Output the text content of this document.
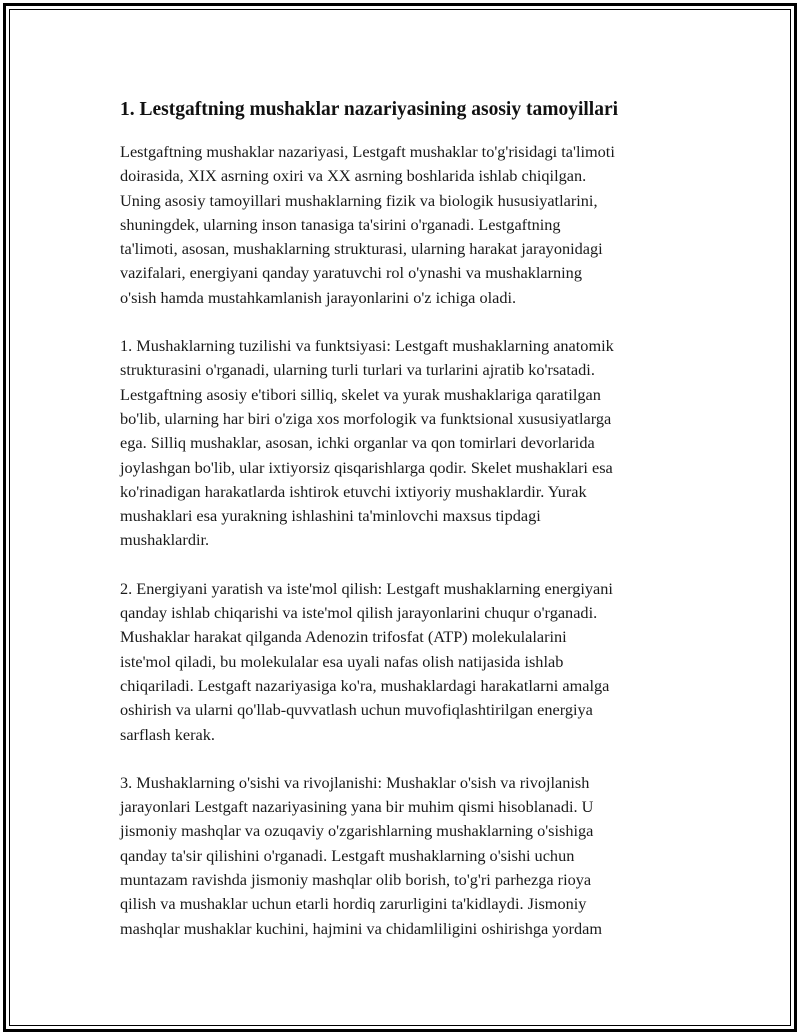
1. Lestgaftning mushaklar nazariyasining asosiy tamoyillari

Lestgaftning mushaklar nazariyasi, Lestgaft mushaklar to'g'risidagi ta'limoti
doirasida, XIX asrning oxiri va XX asrning boshlarida ishlab chiqilgan.
Uning asosiy tamoyillari mushaklarning fizik va biologik hususiyatlarini,
shuningdek, ularning inson tanasiga ta'sirini o'rganadi. Lestgaftning
ta'limoti, asosan, mushaklarning strukturasi, ularning harakat jarayonidagi
vazifalari, energiyani qanday yaratuvchi rol o'ynashi va mushaklarning
o'sish hamda mustahkamlanish jarayonlarini o'z ichiga oladi.

1. Mushaklarning tuzilishi va funktsiyasi: Lestgaft mushaklarning anatomik
strukturasini o'rganadi, ularning turli turlari va turlarini ajratib ko'rsatadi.
Lestgaftning asosiy e'tibori silliq, skelet va yurak mushaklariga qaratilgan
bo'lib, ularning har biri o'ziga xos morfologik va funktsional xususiyatlarga
ega. Silliq mushaklar, asosan, ichki organlar va qon tomirlari devorlarida
joylashgan bo'lib, ular ixtiyorsiz qisqarishlarga qodir. Skelet mushaklari esa
ko'rinadigan harakatlarda ishtirok etuvchi ixtiyoriy mushaklardir. Yurak
mushaklari esa yurakning ishlashini ta'minlovchi maxsus tipdagi
mushaklardir.

2. Energiyani yaratish va iste'mol qilish: Lestgaft mushaklarning energiyani
qanday ishlab chiqarishi va iste'mol qilish jarayonlarini chuqur o'rganadi.
Mushaklar harakat qilganda Adenozin trifosfat (ATP) molekulalarini
iste'mol qiladi, bu molekulalar esa uyali nafas olish natijasida ishlab
chiqariladi. Lestgaft nazariyasiga ko'ra, mushaklardagi harakatlarni amalga
oshirish va ularni qo'llab-quvvatlash uchun muvofiqlashtirilgan energiya
sarflash kerak.

3. Mushaklarning o'sishi va rivojlanishi: Mushaklar o'sish va rivojlanish
jarayonlari Lestgaft nazariyasining yana bir muhim qismi hisoblanadi. U
jismoniy mashqlar va ozuqaviy o'zgarishlarning mushaklarning o'sishiga
qanday ta'sir qilishini o'rganadi. Lestgaft mushaklarning o'sishi uchun
muntazam ravishda jismoniy mashqlar olib borish, to'g'ri parhezga rioya
qilish va mushaklar uchun etarli hordiq zarurligini ta'kidlaydi. Jismoniy
mashqlar mushaklar kuchini, hajmini va chidamliligini oshirishga yordam
